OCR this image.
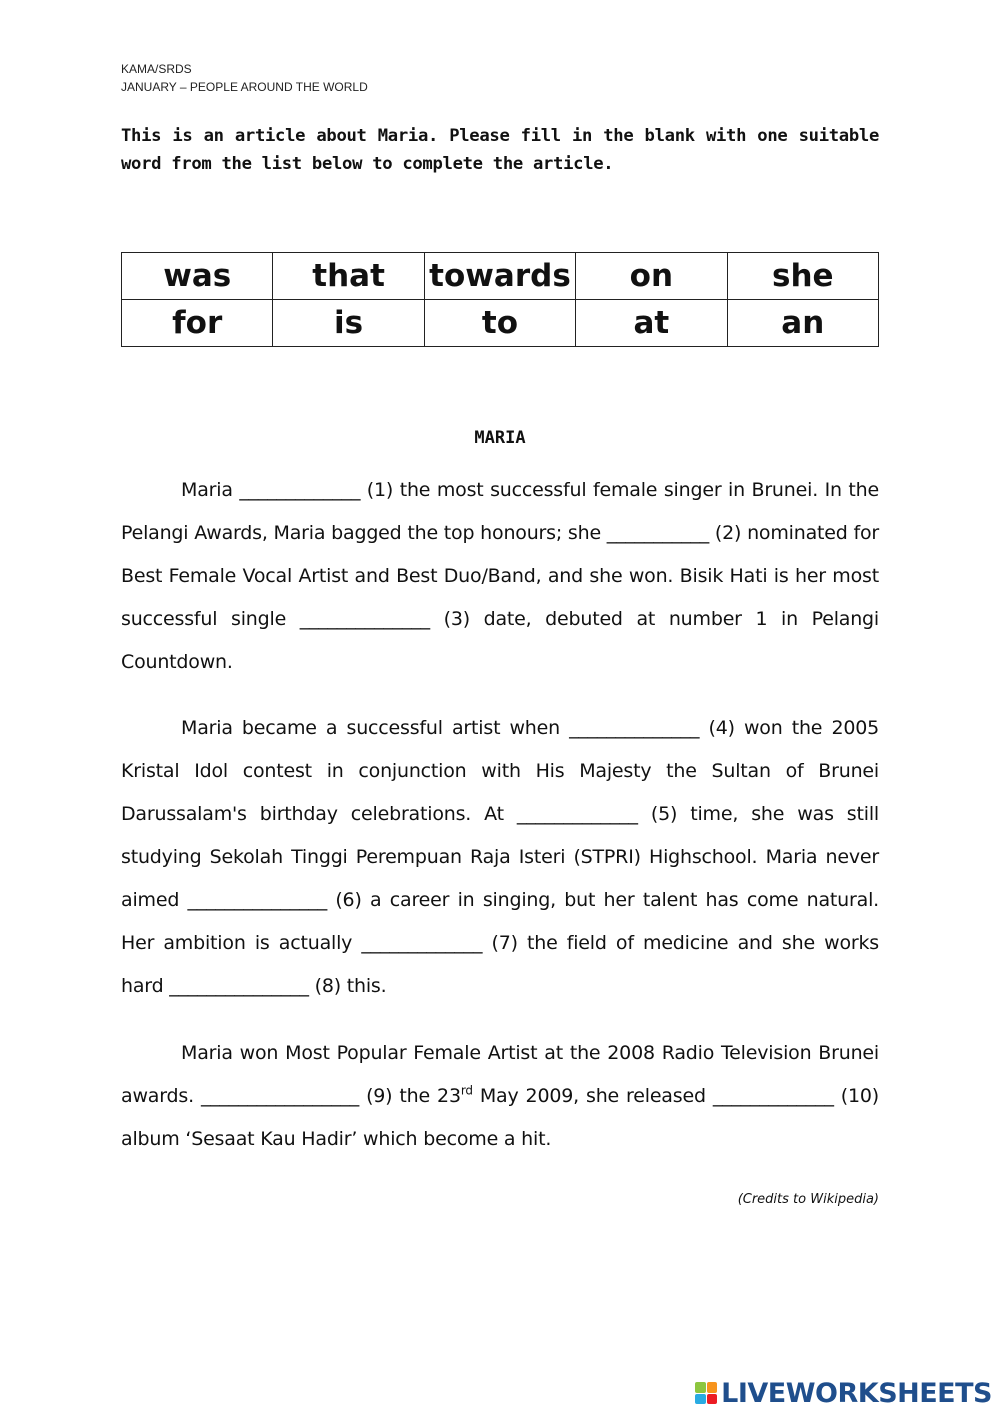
KAMA/SRDS
JANUARY – PEOPLE AROUND THE WORLD
This is an article about Maria. Please fill in the blank with one suitable word from the list below to complete the article.
was	that	towards	on	she
for	is	to	at	an
MARIA
Maria _____________ (1) the most successful female singer in Brunei. In the Pelangi Awards, Maria bagged the top honours; she ___________ (2) nominated for Best Female Vocal Artist and Best Duo/Band, and she won. Bisik Hati is her most successful single ______________ (3) date, debuted at number 1 in Pelangi Countdown.
Maria became a successful artist when ______________ (4) won the 2005 Kristal Idol contest in conjunction with His Majesty the Sultan of Brunei Darussalam's birthday celebrations. At _____________ (5) time, she was still studying Sekolah Tinggi Perempuan Raja Isteri (STPRI) Highschool. Maria never aimed _______________ (6) a career in singing, but her talent has come natural. Her ambition is actually _____________ (7) the field of medicine and she works hard _______________ (8) this.
Maria won Most Popular Female Artist at the 2008 Radio Television Brunei awards. _________________ (9) the 23rd May 2009, she released _____________ (10) album ‘Sesaat Kau Hadir’ which become a hit.
(Credits to Wikipedia)
LIVEWORKSHEETS
